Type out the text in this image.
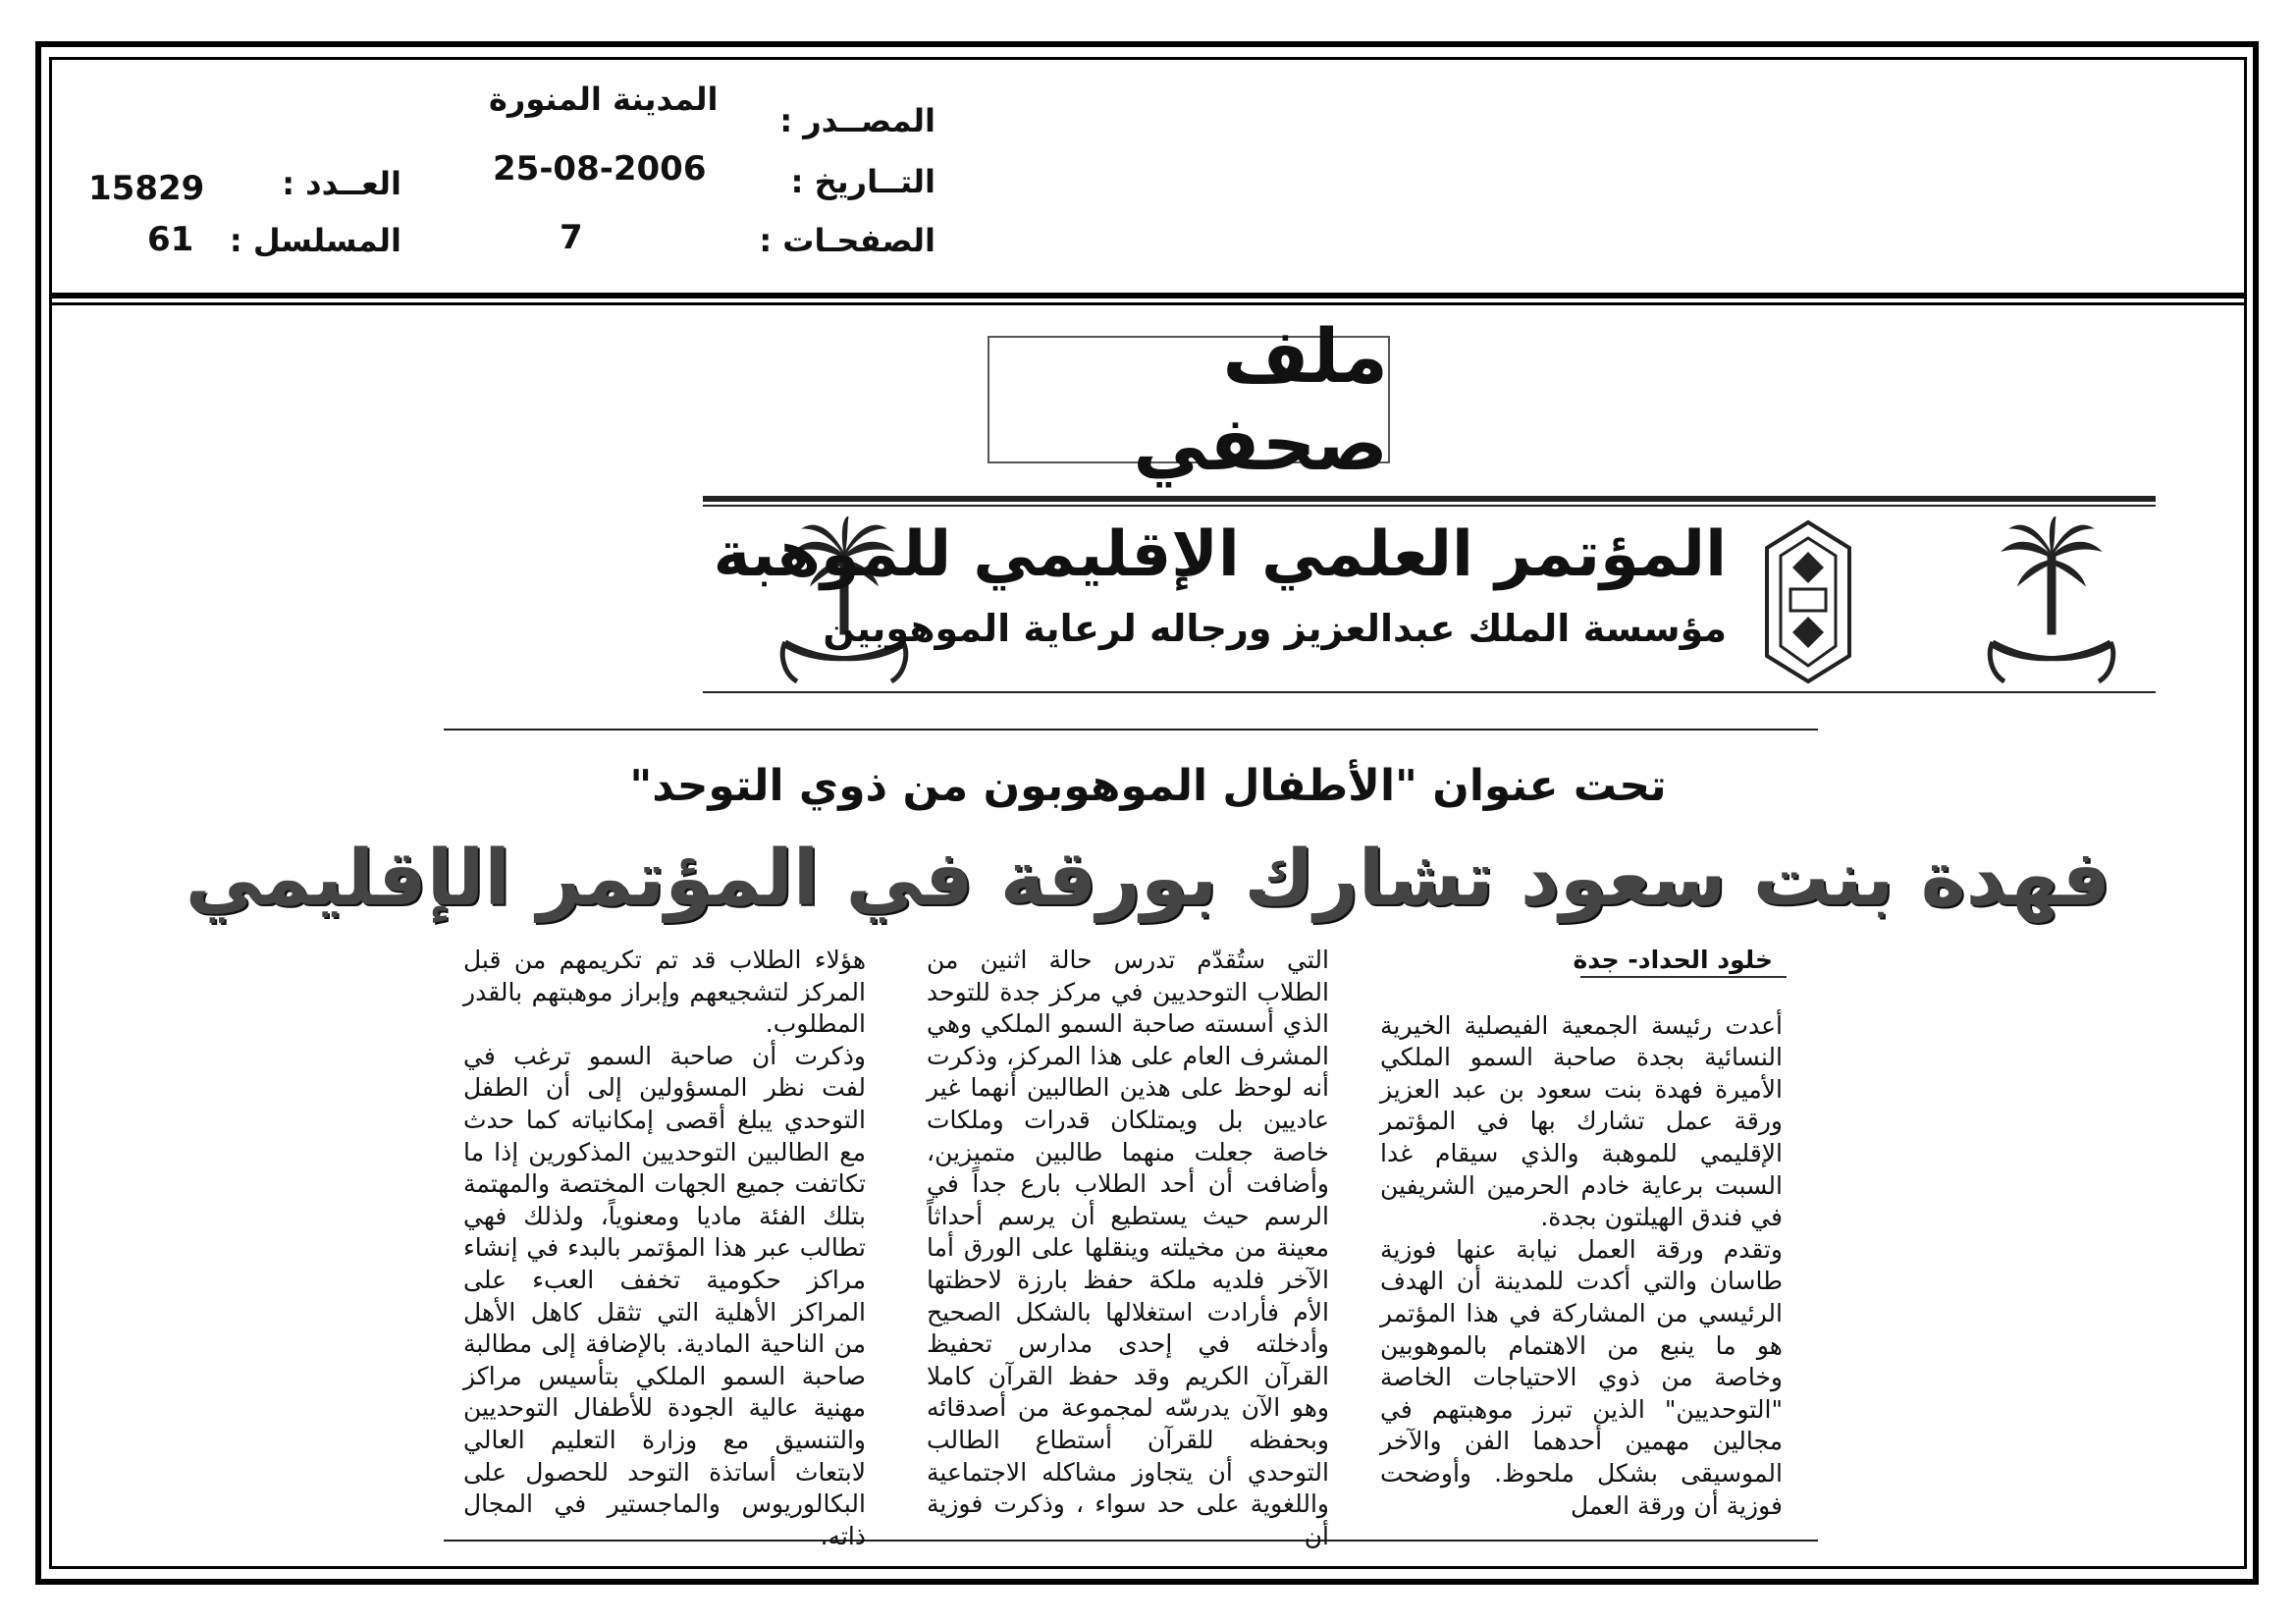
المصــدر :
المدينة المنورة
التــاريخ :
25-08-2006
الصفحـات :
7
العــدد :
15829
المسلسل :
61
ملف صحفي
المؤتمر العلمي الإقليمي للموهبة
مؤسسة الملك عبدالعزيز ورجاله لرعاية الموهوبين
تحت عنوان "الأطفال الموهوبون من ذوي التوحد"
فهدة بنت سعود تشارك بورقة في المؤتمر الإقليمي

خلود الحداد- جدة

أعدت رئيسة الجمعية الفيصلية الخيرية النسائية بجدة صاحبة السمو الملكي الأميرة فهدة بنت سعود بن عبد العزيز ورقة عمل تشارك بها في المؤتمر الإقليمي للموهبة والذي سيقام غدا السبت برعاية خادم الحرمين الشريفين في فندق الهيلتون بجدة.

وتقدم ورقة العمل نيابة عنها فوزية طاسان والتي أكدت للمدينة أن الهدف الرئيسي من المشاركة في هذا المؤتمر هو ما ينبع من الاهتمام بالموهوبين وخاصة من ذوي الاحتياجات الخاصة "التوحديين" الذين تبرز موهبتهم في مجالين مهمين أحدهما الفن والآخر الموسيقى بشكل ملحوظ. وأوضحت فوزية أن ورقة العمل

التي ستُقدّم تدرس حالة اثنين من الطلاب التوحديين في مركز جدة للتوحد الذي أسسته صاحبة السمو الملكي وهي المشرف العام على هذا المركز، وذكرت أنه لوحظ على هذين الطالبين أنهما غير عاديين بل ويمتلكان قدرات وملكات خاصة جعلت منهما طالبين متميزين، وأضافت أن أحد الطلاب بارع جداً في الرسم حيث يستطيع أن يرسم أحداثاً معينة من مخيلته وينقلها على الورق أما الآخر فلديه ملكة حفظ بارزة لاحظتها الأم فأرادت استغلالها بالشكل الصحيح وأدخلته في إحدى مدارس تحفيظ القرآن الكريم وقد حفظ القرآن كاملا وهو الآن يدرسّه لمجموعة من أصدقائه وبحفظه للقرآن أستطاع الطالب التوحدي أن يتجاوز مشاكله الاجتماعية واللغوية على حد سواء ، وذكرت فوزية أن

هؤلاء الطلاب قد تم تكريمهم من قبل المركز لتشجيعهم وإبراز موهبتهم بالقدر المطلوب.

وذكرت أن صاحبة السمو ترغب في لفت نظر المسؤولين إلى أن الطفل التوحدي يبلغ أقصى إمكانياته كما حدث مع الطالبين التوحديين المذكورين إذا ما تكاتفت جميع الجهات المختصة والمهتمة بتلك الفئة ماديا ومعنوياً، ولذلك فهي تطالب عبر هذا المؤتمر بالبدء في إنشاء مراكز حكومية تخفف العبء على المراكز الأهلية التي تثقل كاهل الأهل من الناحية المادية. بالإضافة إلى مطالبة صاحبة السمو الملكي بتأسيس مراكز مهنية عالية الجودة للأطفال التوحديين والتنسيق مع وزارة التعليم العالي لابتعاث أساتذة التوحد للحصول على البكالوريوس والماجستير في المجال ذاته.
